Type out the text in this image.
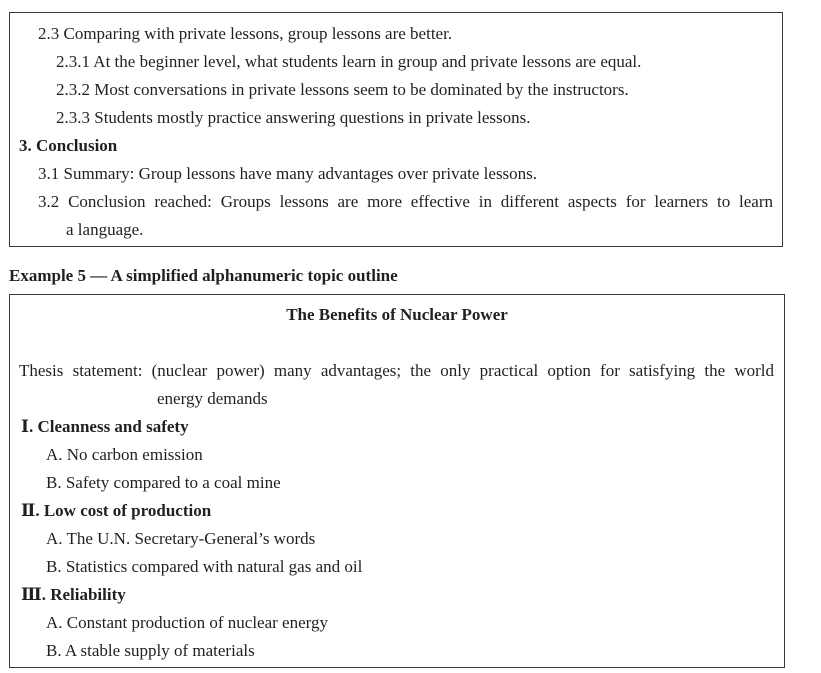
2.3 Comparing with private lessons, group lessons are better.
2.3.1 At the beginner level, what students learn in group and private lessons are equal.
2.3.2 Most conversations in private lessons seem to be dominated by the instructors.
2.3.3 Students mostly practice answering questions in private lessons.
3. Conclusion
3.1 Summary: Group lessons have many advantages over private lessons.
3.2 Conclusion reached: Groups lessons are more effective in different aspects for learners to learn
a language.
Example 5 — A simplified alphanumeric topic outline
The Benefits of Nuclear Power
Thesis statement: (nuclear power) many advantages; the only practical option for satisfying the world
energy demands
Ⅰ. Cleanness and safety
A. No carbon emission
B. Safety compared to a coal mine
Ⅱ. Low cost of production
A. The U.N. Secretary-General’s words
B. Statistics compared with natural gas and oil
Ⅲ. Reliability
A. Constant production of nuclear energy
B. A stable supply of materials
